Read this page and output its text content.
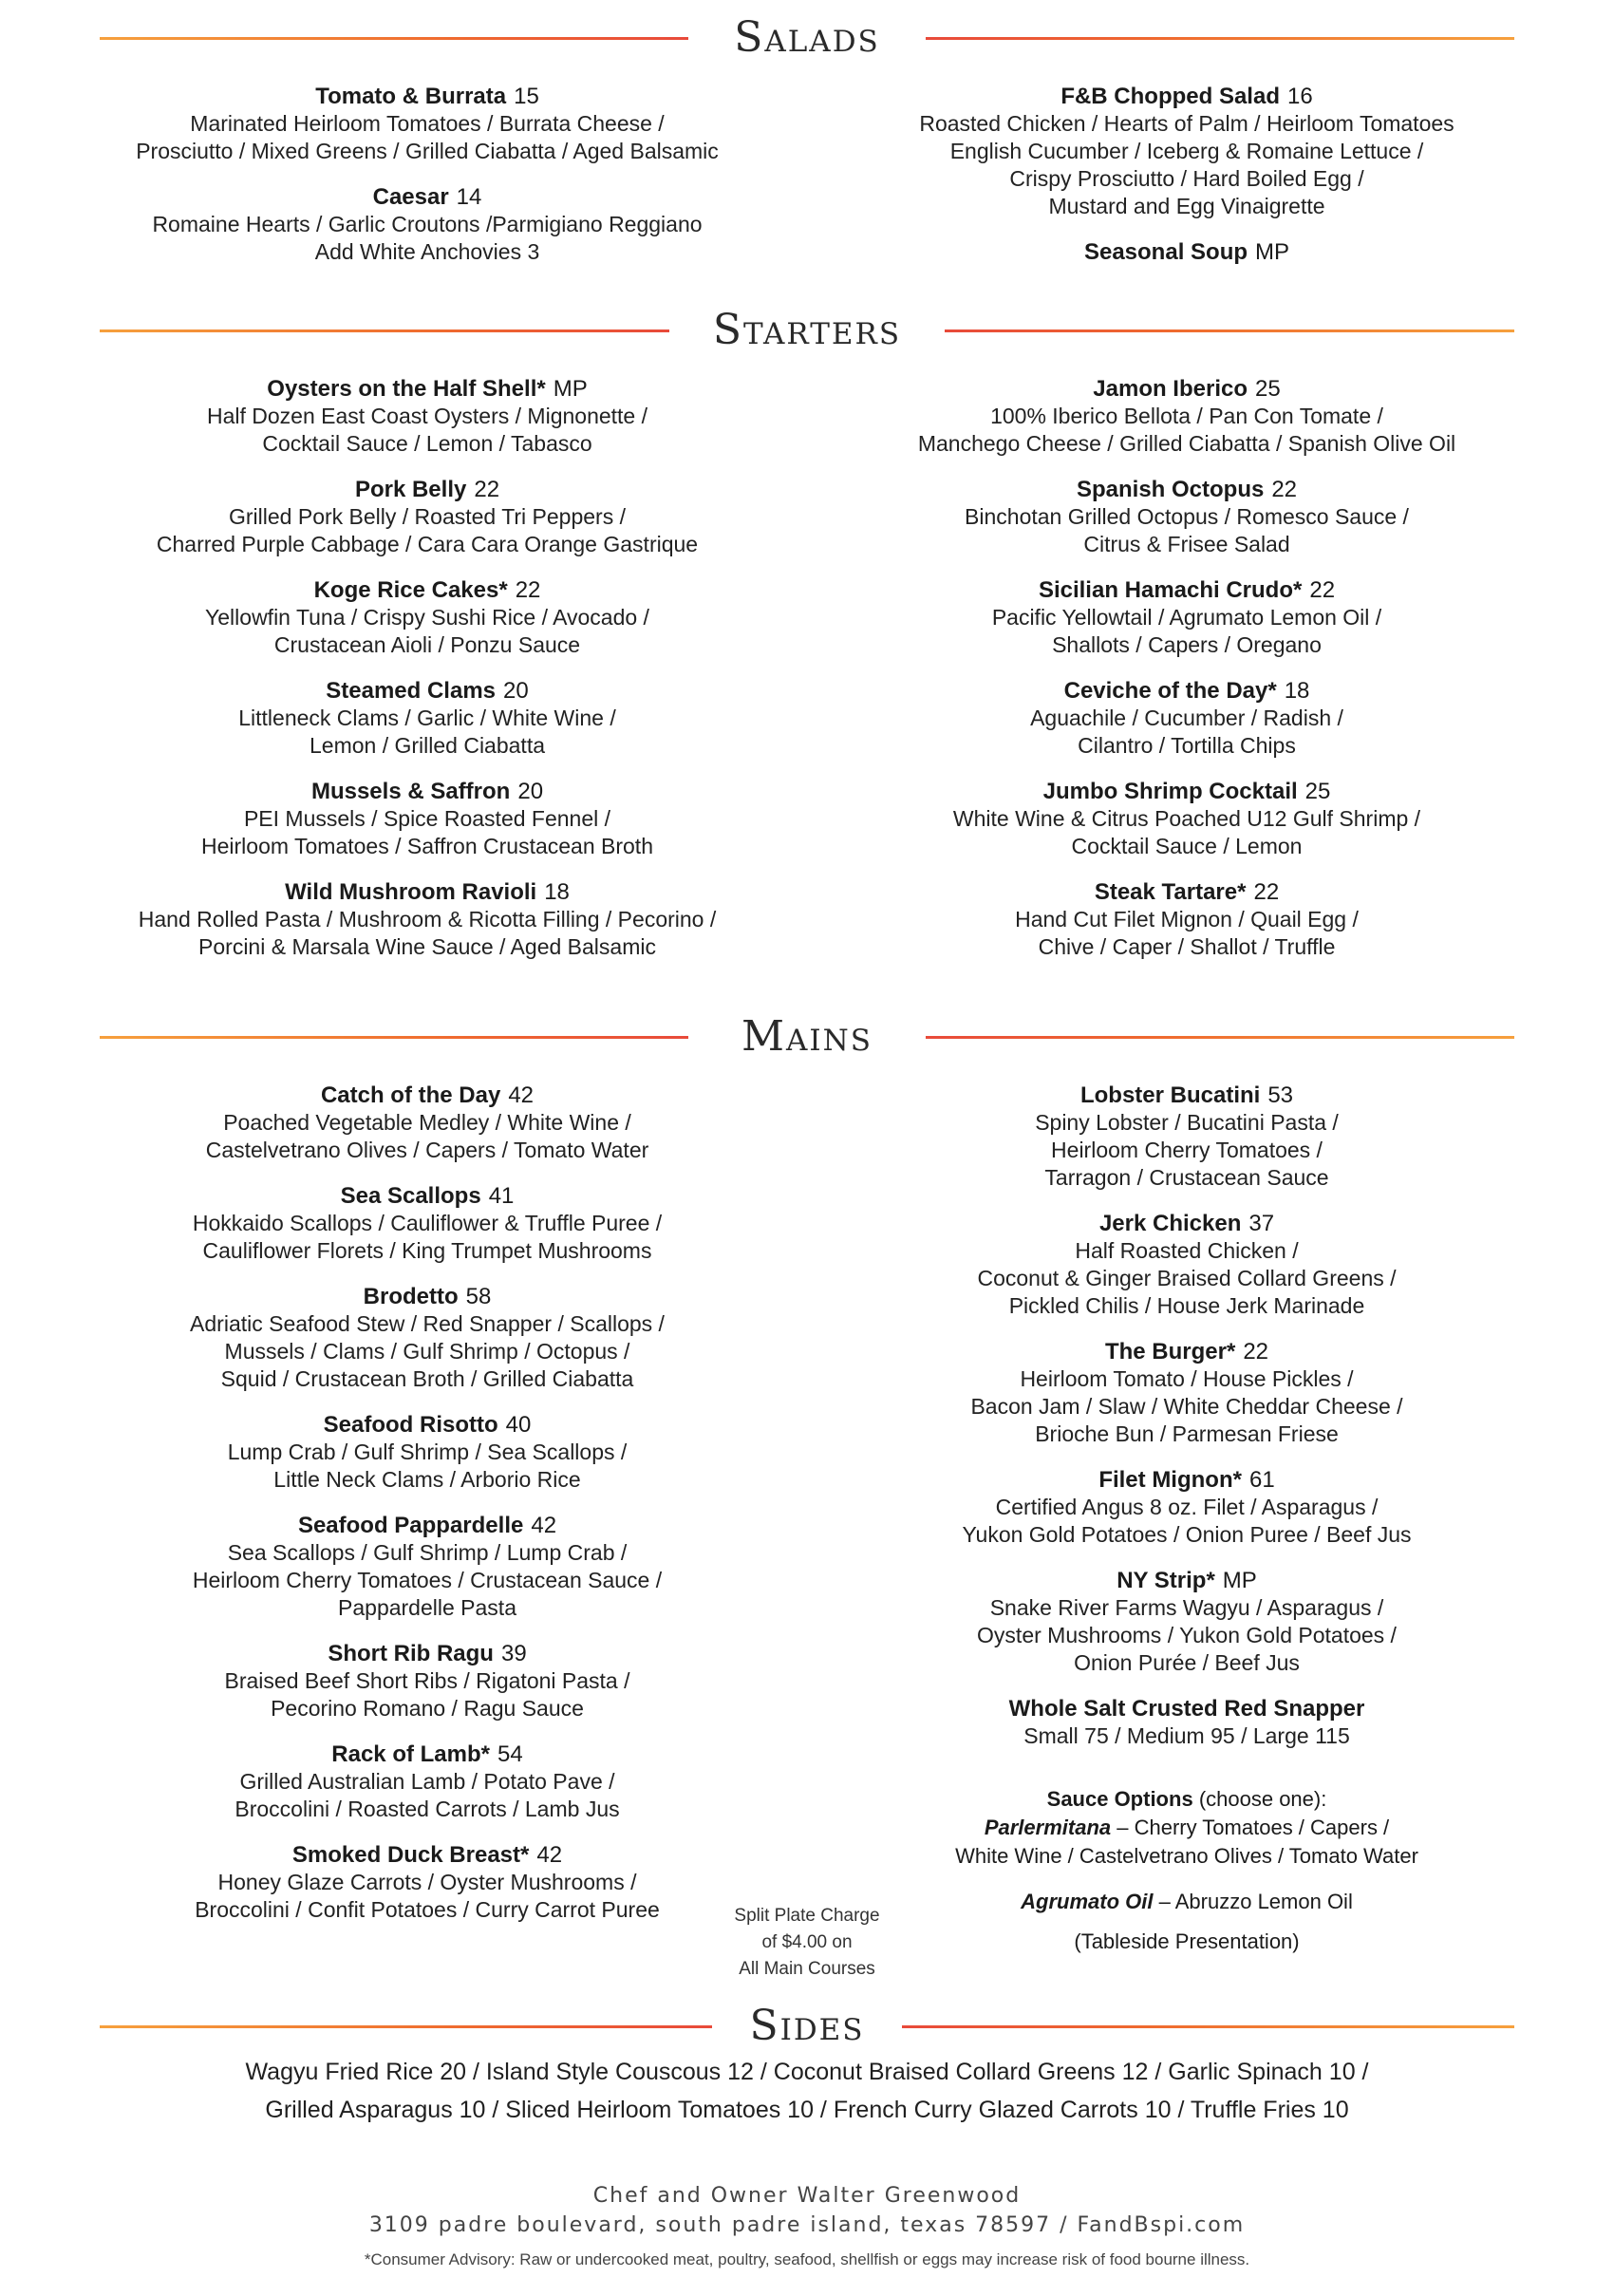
Salads
Tomato & Burrata 15
Marinated Heirloom Tomatoes / Burrata Cheese /
Prosciutto / Mixed Greens / Grilled Ciabatta / Aged Balsamic
Caesar 14
Romaine Hearts / Garlic Croutons /Parmigiano Reggiano
Add White Anchovies 3
F&B Chopped Salad 16
Roasted Chicken / Hearts of Palm / Heirloom Tomatoes
English Cucumber / Iceberg & Romaine Lettuce /
Crispy Prosciutto / Hard Boiled Egg /
Mustard and Egg Vinaigrette
Seasonal Soup MP
Starters
Oysters on the Half Shell* MP
Half Dozen East Coast Oysters / Mignonette /
Cocktail Sauce / Lemon / Tabasco
Pork Belly 22
Grilled Pork Belly / Roasted Tri Peppers /
Charred Purple Cabbage / Cara Cara Orange Gastrique
Koge Rice Cakes* 22
Yellowfin Tuna / Crispy Sushi Rice / Avocado /
Crustacean Aioli / Ponzu Sauce
Steamed Clams 20
Littleneck Clams / Garlic / White Wine /
Lemon / Grilled Ciabatta
Mussels & Saffron 20
PEI Mussels / Spice Roasted Fennel /
Heirloom Tomatoes / Saffron Crustacean Broth
Wild Mushroom Ravioli 18
Hand Rolled Pasta / Mushroom & Ricotta Filling / Pecorino /
Porcini & Marsala Wine Sauce / Aged Balsamic
Jamon Iberico 25
100% Iberico Bellota / Pan Con Tomate /
Manchego Cheese / Grilled Ciabatta / Spanish Olive Oil
Spanish Octopus 22
Binchotan Grilled Octopus / Romesco Sauce /
Citrus & Frisee Salad
Sicilian Hamachi Crudo* 22
Pacific Yellowtail / Agrumato Lemon Oil /
Shallots / Capers / Oregano
Ceviche of the Day* 18
Aguachile / Cucumber / Radish /
Cilantro / Tortilla Chips
Jumbo Shrimp Cocktail 25
White Wine & Citrus Poached U12 Gulf Shrimp /
Cocktail Sauce / Lemon
Steak Tartare* 22
Hand Cut Filet Mignon / Quail Egg /
Chive / Caper / Shallot / Truffle
Mains
Catch of the Day 42
Poached Vegetable Medley / White Wine /
Castelvetrano Olives / Capers / Tomato Water
Sea Scallops 41
Hokkaido Scallops / Cauliflower & Truffle Puree /
Cauliflower Florets / King Trumpet Mushrooms
Brodetto 58
Adriatic Seafood Stew / Red Snapper / Scallops /
Mussels / Clams / Gulf Shrimp / Octopus /
Squid / Crustacean Broth / Grilled Ciabatta
Seafood Risotto 40
Lump Crab / Gulf Shrimp / Sea Scallops /
Little Neck Clams / Arborio Rice
Seafood Pappardelle 42
Sea Scallops / Gulf Shrimp / Lump Crab /
Heirloom Cherry Tomatoes / Crustacean Sauce /
Pappardelle Pasta
Short Rib Ragu 39
Braised Beef Short Ribs / Rigatoni Pasta /
Pecorino Romano / Ragu Sauce
Rack of Lamb* 54
Grilled Australian Lamb / Potato Pave /
Broccolini / Roasted Carrots / Lamb Jus
Smoked Duck Breast* 42
Honey Glaze Carrots / Oyster Mushrooms /
Broccolini / Confit Potatoes / Curry Carrot Puree
Lobster Bucatini 53
Spiny Lobster / Bucatini Pasta /
Heirloom Cherry Tomatoes /
Tarragon / Crustacean Sauce
Jerk Chicken 37
Half Roasted Chicken /
Coconut & Ginger Braised Collard Greens /
Pickled Chilis / House Jerk Marinade
The Burger* 22
Heirloom Tomato / House Pickles /
Bacon Jam / Slaw / White Cheddar Cheese /
Brioche Bun / Parmesan Friese
Filet Mignon* 61
Certified Angus 8 oz. Filet / Asparagus /
Yukon Gold Potatoes / Onion Puree / Beef Jus
NY Strip* MP
Snake River Farms Wagyu / Asparagus /
Oyster Mushrooms / Yukon Gold Potatoes /
Onion Purée / Beef Jus
Whole Salt Crusted Red Snapper
Small 75 / Medium 95 / Large 115
Sauce Options (choose one):
Parlermitana – Cherry Tomatoes / Capers /
White Wine / Castelvetrano Olives / Tomato Water
Agrumato Oil – Abruzzo Lemon Oil
(Tableside Presentation)
Split Plate Charge
of $4.00 on
All Main Courses
Sides
Wagyu Fried Rice 20 / Island Style Couscous 12 / Coconut Braised Collard Greens 12 / Garlic Spinach 10 /
Grilled Asparagus 10 / Sliced Heirloom Tomatoes 10 / French Curry Glazed Carrots 10 / Truffle Fries 10
Chef and Owner Walter Greenwood
3109 padre boulevard, south padre island, texas 78597 / FandBspi.com
*Consumer Advisory: Raw or undercooked meat, poultry, seafood, shellfish or eggs may increase risk of food bourne illness.
